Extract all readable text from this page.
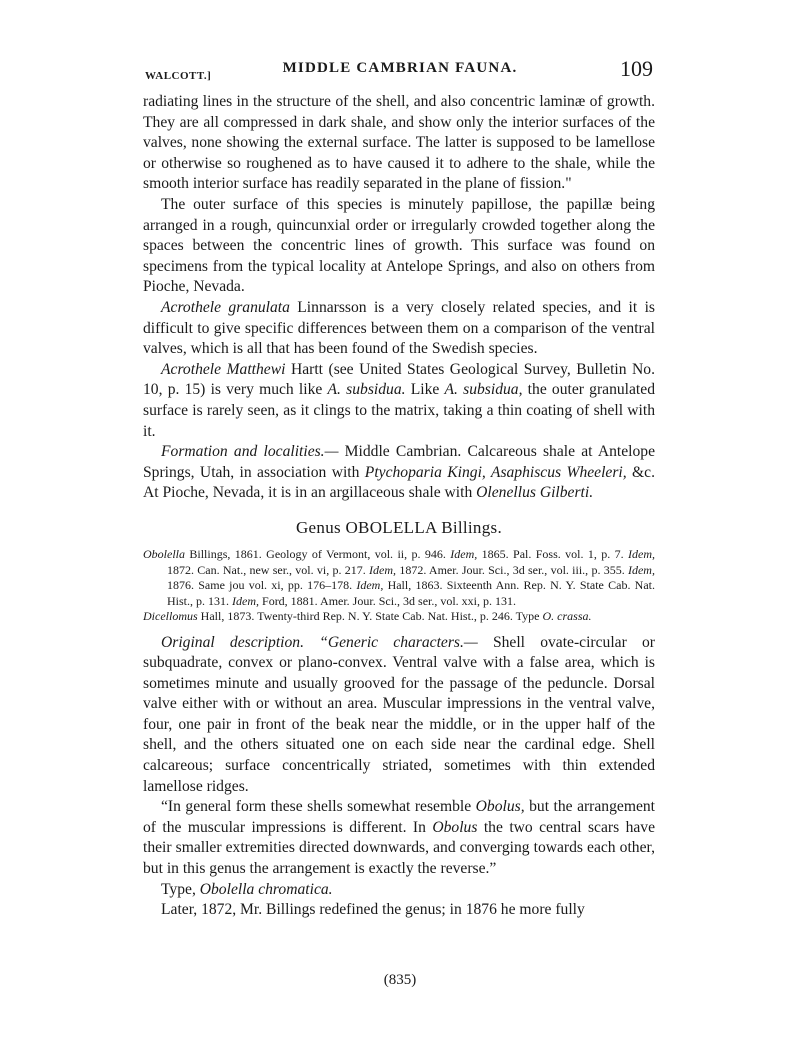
WALCOTT.]	MIDDLE CAMBRIAN FAUNA.	109

radiating lines in the structure of the shell, and also concentric laminæ of growth. They are all compressed in dark shale, and show only the interior surfaces of the valves, none showing the external surface. The latter is supposed to be lamellose or otherwise so roughened as to have caused it to adhere to the shale, while the smooth interior surface has readily separated in the plane of fission."

The outer surface of this species is minutely papillose, the papillæ being arranged in a rough, quincunxial order or irregularly crowded together along the spaces between the concentric lines of growth. This surface was found on specimens from the typical locality at Antelope Springs, and also on others from Pioche, Nevada.

Acrothele granulata Linnarsson is a very closely related species, and it is difficult to give specific differences between them on a comparison of the ventral valves, which is all that has been found of the Swedish species.

Acrothele Matthewi Hartt (see United States Geological Survey, Bulletin No. 10, p. 15) is very much like A. subsidua. Like A. subsidua, the outer granulated surface is rarely seen, as it clings to the matrix, taking a thin coating of shell with it.

Formation and localities.— Middle Cambrian. Calcareous shale at Antelope Springs, Utah, in association with Ptychoparia Kingi, Asaphiscus Wheeleri, &c. At Pioche, Nevada, it is in an argillaceous shale with Olenellus Gilberti.

Genus OBOLELLA Billings.

Obolella Billings, 1861. Geology of Vermont, vol. ii, p. 946. Idem, 1865. Pal. Foss. vol. 1, p. 7. Idem, 1872. Can. Nat., new ser., vol. vi, p. 217. Idem, 1872. Amer. Jour. Sci., 3d ser., vol. iii., p. 355. Idem, 1876. Same jou vol. xi, pp. 176–178. Idem, Hall, 1863. Sixteenth Ann. Rep. N. Y. State Cab. Nat. Hist., p. 131. Idem, Ford, 1881. Amer. Jour. Sci., 3d ser., vol. xxi, p. 131.

Dicellomus Hall, 1873. Twenty-third Rep. N. Y. State Cab. Nat. Hist., p. 246. Type O. crassa.

Original description. “Generic characters.— Shell ovate-circular or subquadrate, convex or plano-convex. Ventral valve with a false area, which is sometimes minute and usually grooved for the passage of the peduncle. Dorsal valve either with or without an area. Muscular impressions in the ventral valve, four, one pair in front of the beak near the middle, or in the upper half of the shell, and the others situated one on each side near the cardinal edge. Shell calcareous; surface concentrically striated, sometimes with thin extended lamellose ridges.

“In general form these shells somewhat resemble Obolus, but the arrangement of the muscular impressions is different. In Obolus the two central scars have their smaller extremities directed downwards, and converging towards each other, but in this genus the arrangement is exactly the reverse.”

Type, Obolella chromatica.

Later, 1872, Mr. Billings redefined the genus; in 1876 he more fully

(835)
